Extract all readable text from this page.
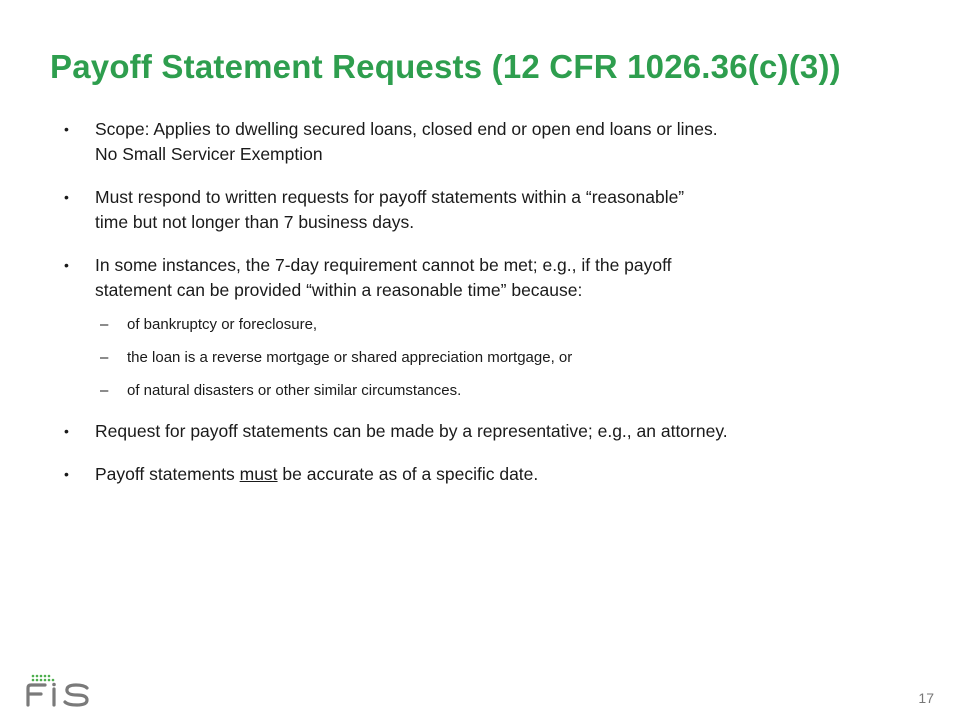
Payoff Statement Requests (12 CFR 1026.36(c)(3))
• Scope: Applies to dwelling secured loans, closed end or open end loans or lines.
No Small Servicer Exemption
• Must respond to written requests for payoff statements within a “reasonable”
time but not longer than 7 business days.
• In some instances, the 7-day requirement cannot be met; e.g., if the payoff
statement can be provided “within a reasonable time” because:
– of bankruptcy or foreclosure,
– the loan is a reverse mortgage or shared appreciation mortgage, or
– of natural disasters or other similar circumstances.
• Request for payoff statements can be made by a representative; e.g., an attorney.
• Payoff statements must be accurate as of a specific date.
17
